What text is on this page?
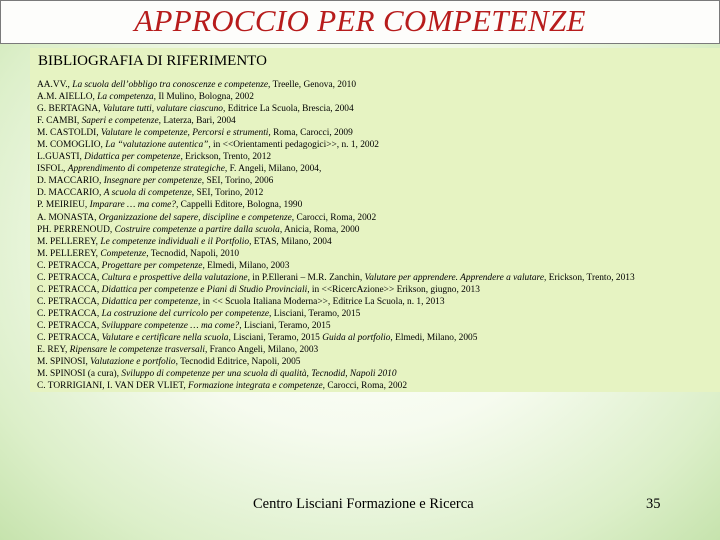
APPROCCIO PER COMPETENZE
BIBLIOGRAFIA DI RIFERIMENTO
AA.VV., La scuola dell’obbligo tra conoscenze e competenze, Treelle, Genova, 2010
A.M. AIELLO, La competenza, Il Mulino, Bologna, 2002
G. BERTAGNA, Valutare tutti, valutare ciascuno, Editrice La Scuola, Brescia, 2004
F. CAMBI, Saperi e competenze, Laterza, Bari, 2004
M. CASTOLDI, Valutare le competenze, Percorsi e strumenti, Roma, Carocci, 2009
M. COMOGLIO, La “valutazione autentica”, in <<Orientamenti pedagogici>>, n. 1, 2002
L.GUASTI, Didattica per competenze, Erickson, Trento, 2012
ISFOL, Apprendimento di competenze strategiche, F. Angeli, Milano, 2004,
D. MACCARIO, Insegnare per competenze, SEI, Torino, 2006
D. MACCARIO, A scuola di competenze, SEI, Torino, 2012
P. MEIRIEU, Imparare … ma come?, Cappelli Editore, Bologna, 1990
A. MONASTA, Organizzazione del sapere, discipline e competenze, Carocci, Roma, 2002
PH. PERRENOUD, Costruire competenze a partire dalla scuola, Anicia, Roma, 2000
M. PELLEREY, Le competenze individuali e il Portfolio, ETAS, Milano, 2004
M. PELLEREY, Competenze, Tecnodid, Napoli, 2010
C. PETRACCA, Progettare per competenze, Elmedi, Milano, 2003
C. PETRACCA, Cultura e prospettive della valutazione, in P.Ellerani – M.R. Zanchin, Valutare per apprendere. Apprendere a valutare, Erickson, Trento, 2013
C. PETRACCA, Didattica per competenze e Piani di Studio Provinciali, in <<RicercAzione>> Erikson, giugno, 2013
C. PETRACCA, Didattica per competenze, in << Scuola Italiana Moderna>>, Editrice La Scuola, n. 1, 2013
C. PETRACCA, La costruzione del curricolo per competenze, Lisciani, Teramo, 2015
C. PETRACCA, Sviluppare competenze … ma come?, Lisciani, Teramo, 2015
C. PETRACCA, Valutare e certificare nella scuola, Lisciani, Teramo, 2015 Guida al portfolio, Elmedi, Milano, 2005
E. REY, Ripensare le competenze trasversali, Franco Angeli, Milano, 2003
M. SPINOSI, Valutazione e portfolio, Tecnodid Editrice, Napoli, 2005
M. SPINOSI (a cura), Sviluppo di competenze per una scuola di qualità, Tecnodid, Napoli 2010
C. TORRIGIANI, I. VAN DER VLIET, Formazione integrata e competenze, Carocci, Roma, 2002
Centro Lisciani Formazione e Ricerca	35
